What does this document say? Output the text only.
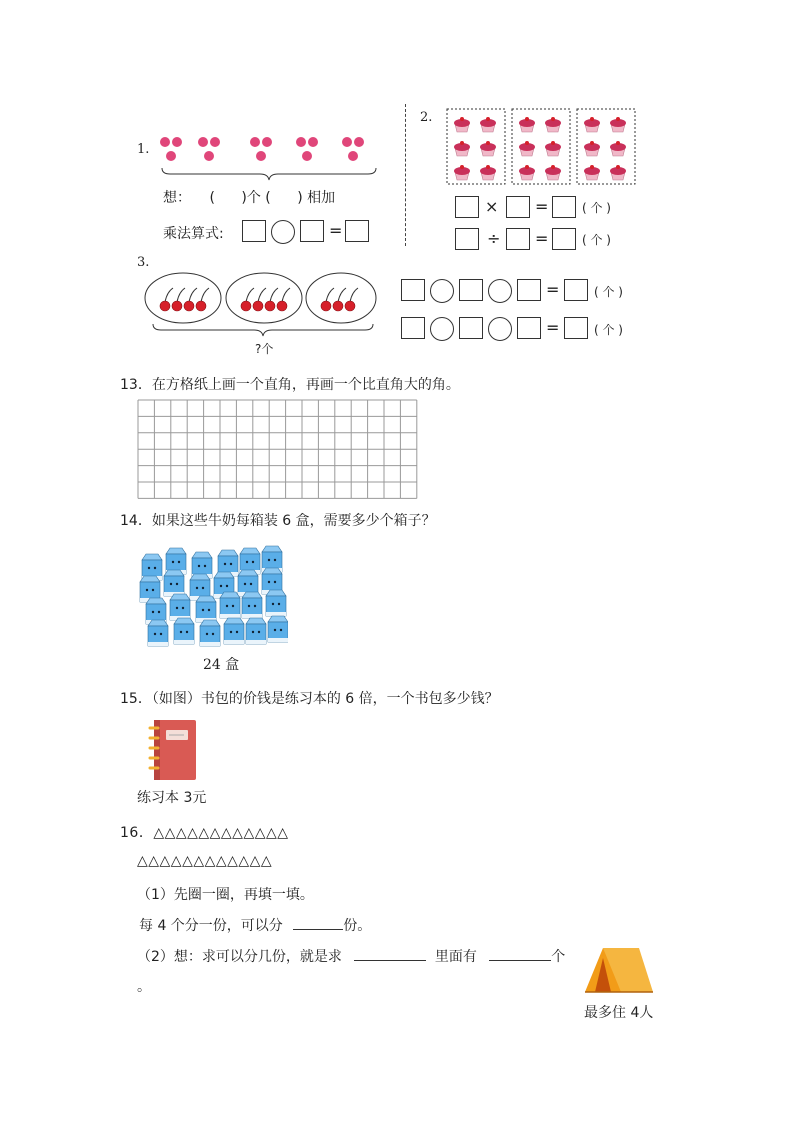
1.
想： ( )个 ( ) 相加
乘法算式:	=
2.
× =	( 个 )
÷ =	( 个 )
3.
?个
=	( 个 )
=	( 个 )
13．在方格纸上画一个直角，再画一个比直角大的角。
14．如果这些牛奶每箱装 6 盒，需要多少个箱子？
24 盒
15．（如图）书包的价钱是练习本的 6 倍，一个书包多少钱？
练习本 3元
16．△△△△△△△△△△△△
△△△△△△△△△△△△
（1）先圈一圈，再填一填。
每 4 个分一份，可以分	份。
（2）想：求可以分几份，就是求	里面有	个
。
最多住 4人
